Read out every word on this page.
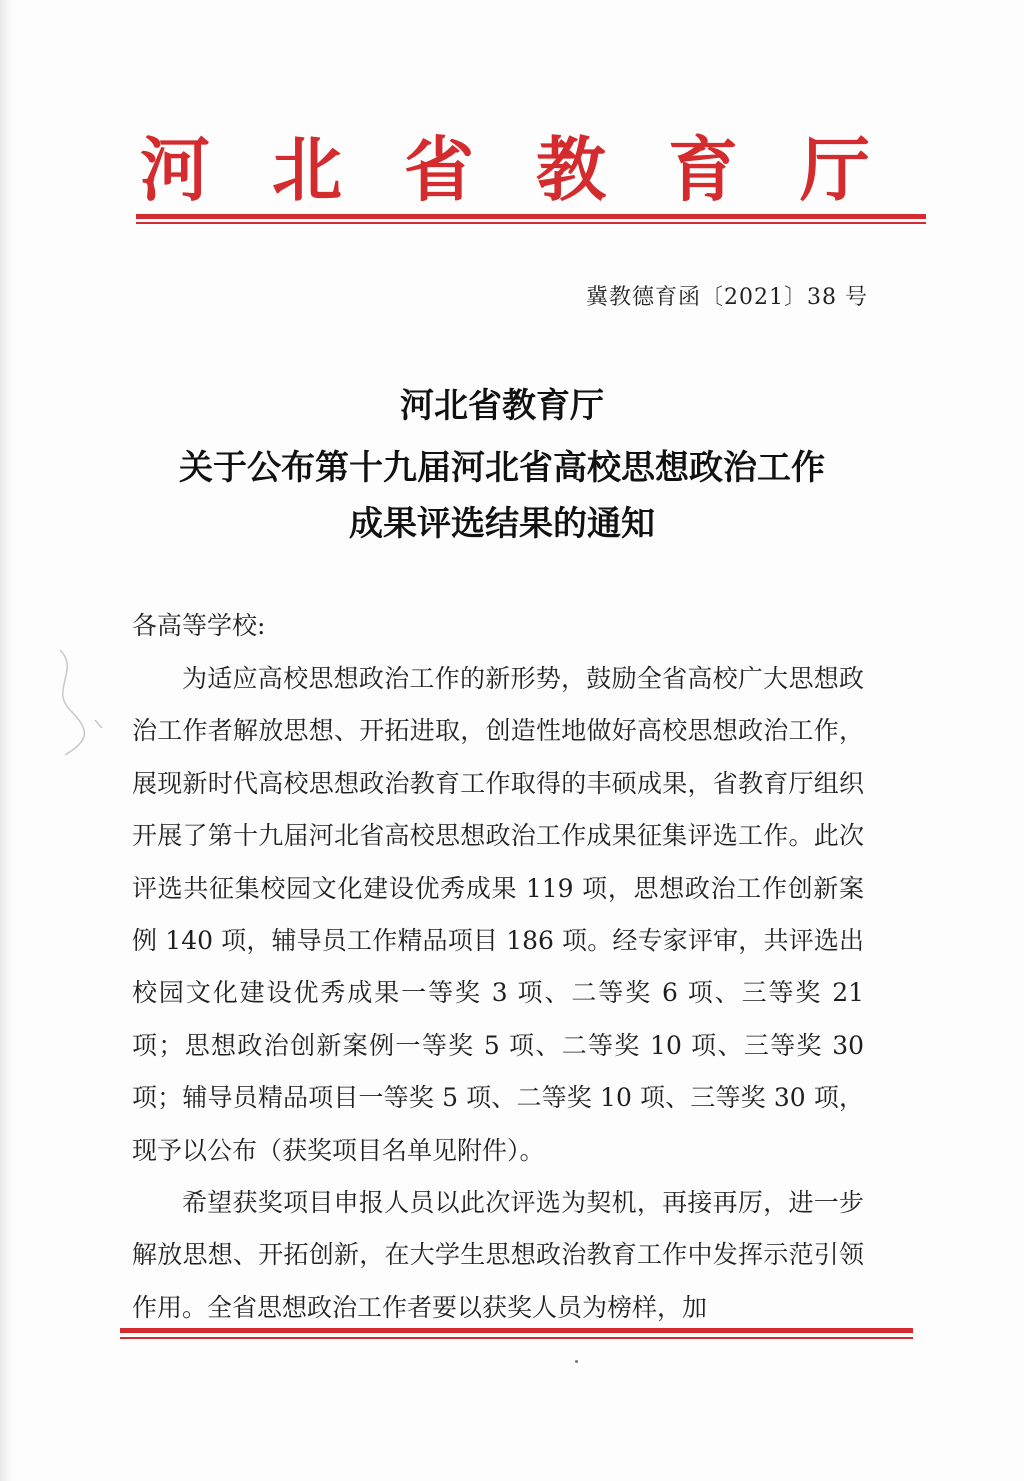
河 北 省 教 育 厅
冀教德育函〔2021〕38 号
河北省教育厅
关于公布第十九届河北省高校思想政治工作
成果评选结果的通知
各高等学校:

为适应高校思想政治工作的新形势，鼓励全省高校广大思想政治工作者解放思想、开拓进取，创造性地做好高校思想政治工作，展现新时代高校思想政治教育工作取得的丰硕成果，省教育厅组织开展了第十九届河北省高校思想政治工作成果征集评选工作。此次评选共征集校园文化建设优秀成果 119 项，思想政治工作创新案例 140 项，辅导员工作精品项目 186 项。经专家评审，共评选出校园文化建设优秀成果一等奖 3 项、二等奖 6 项、三等奖 21 项；思想政治创新案例一等奖 5 项、二等奖 10 项、三等奖 30 项；辅导员精品项目一等奖 5 项、二等奖 10 项、三等奖 30 项，现予以公布（获奖项目名单见附件）。

希望获奖项目申报人员以此次评选为契机，再接再厉，进一步解放思想、开拓创新，在大学生思想政治教育工作中发挥示范引领作用。全省思想政治工作者要以获奖人员为榜样，加
